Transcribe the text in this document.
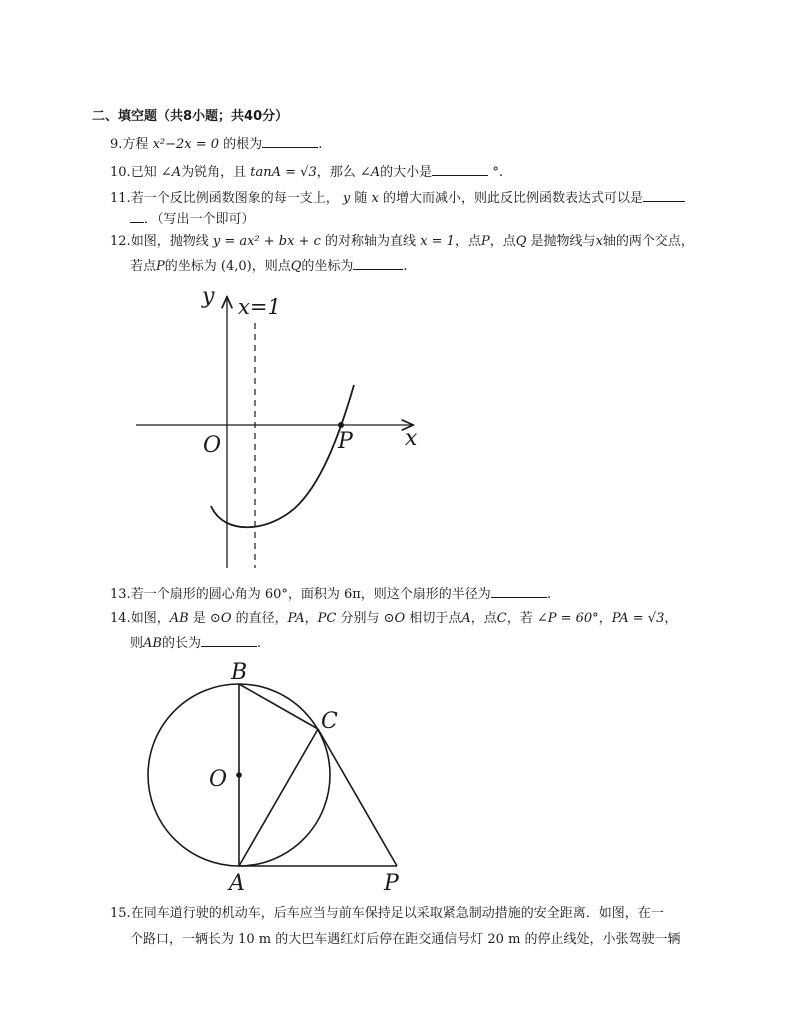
二、填空题（共8小题；共40分）
9.方程 x²−2x = 0 的根为	.
10.已知 ∠A为锐角，且 tanA = √3，那么 ∠A的大小是	°.
11.若一个反比例函数图象的每一支上， y 随 x 的增大而减小，则此反比例函数表达式可以是
．（写出一个即可）
12.如图，抛物线 y = ax² + bx + c 的对称轴为直线 x = 1，点P，点Q 是抛物线与x轴的两个交点，
若点P的坐标为 (4,0)，则点Q的坐标为	.
y
x
x=1
O	P
13.若一个扇形的圆心角为 60°，面积为 6π，则这个扇形的半径为	.
14.如图，AB 是 ⊙O 的直径，PA，PC 分别与 ⊙O 相切于点A，点C，若 ∠P = 60°，PA = √3，
则AB的长为	.
B
C
O
A	P
15.在同车道行驶的机动车，后车应当与前车保持足以采取紧急制动措施的安全距离．如图，在一
个路口，一辆长为 10 m 的大巴车遇红灯后停在距交通信号灯 20 m 的停止线处，小张驾驶一辆
